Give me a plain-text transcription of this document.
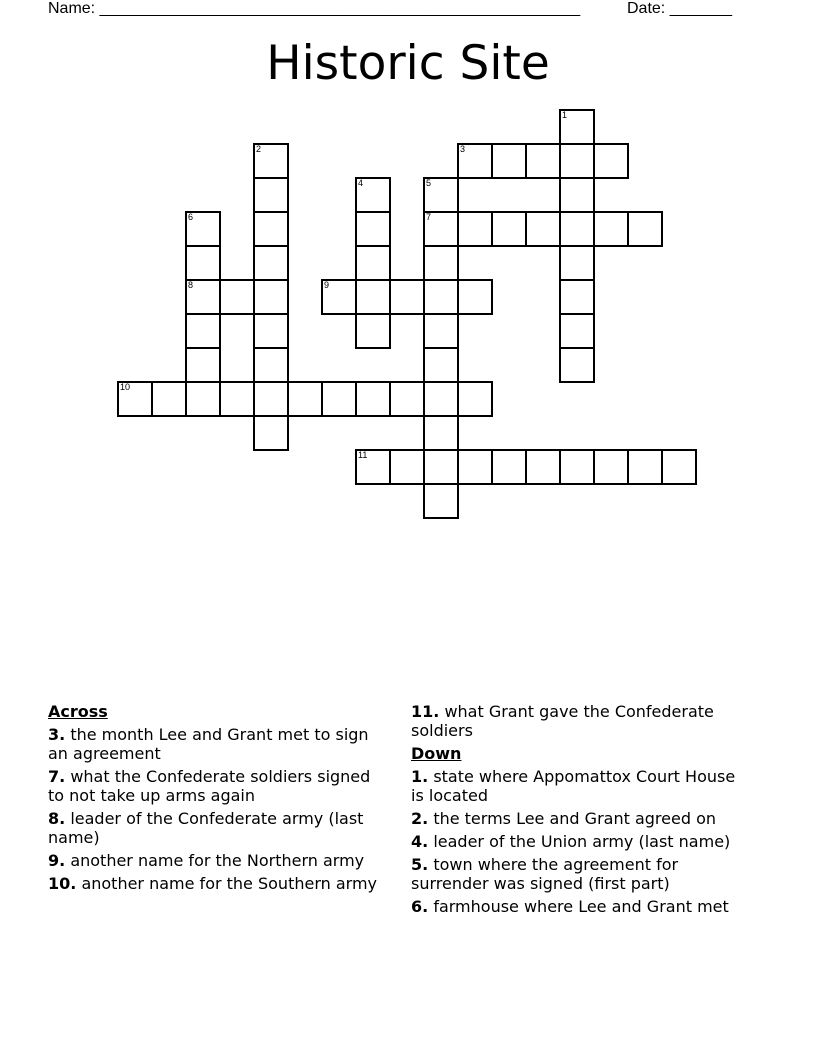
Name: ______________________________________________________	Date: _______
Historic Site
1
2	3
4	5
7
6
8	9
10
11
Across
3. the month Lee and Grant met to sign an agreement
7. what the Confederate soldiers signed to not take up arms again
8. leader of the Confederate army (last name)
9. another name for the Northern army
10. another name for the Southern army
11. what Grant gave the Confederate soldiers
Down
1. state where Appomattox Court House is located
2. the terms Lee and Grant agreed on
4. leader of the Union army (last name)
5. town where the agreement for surrender was signed (first part)
6. farmhouse where Lee and Grant met
